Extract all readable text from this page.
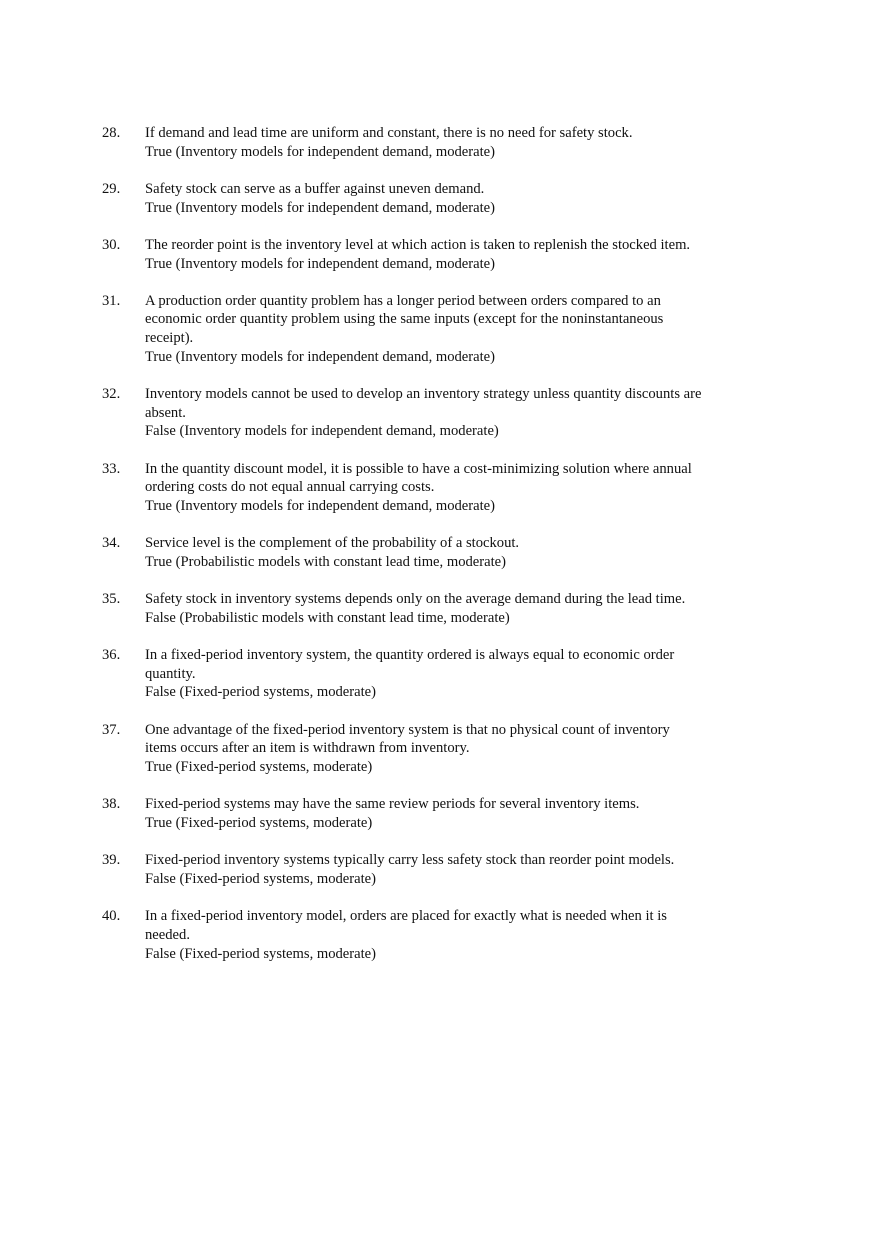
28. If demand and lead time are uniform and constant, there is no need for safety stock.
True (Inventory models for independent demand, moderate)
29. Safety stock can serve as a buffer against uneven demand.
True (Inventory models for independent demand, moderate)
30. The reorder point is the inventory level at which action is taken to replenish the stocked item.
True (Inventory models for independent demand, moderate)
31. A production order quantity problem has a longer period between orders compared to an economic order quantity problem using the same inputs (except for the noninstantaneous receipt).
True (Inventory models for independent demand, moderate)
32. Inventory models cannot be used to develop an inventory strategy unless quantity discounts are absent.
False (Inventory models for independent demand, moderate)
33. In the quantity discount model, it is possible to have a cost-minimizing solution where annual ordering costs do not equal annual carrying costs.
True (Inventory models for independent demand, moderate)
34. Service level is the complement of the probability of a stockout.
True (Probabilistic models with constant lead time, moderate)
35. Safety stock in inventory systems depends only on the average demand during the lead time.
False (Probabilistic models with constant lead time, moderate)
36. In a fixed-period inventory system, the quantity ordered is always equal to economic order quantity.
False (Fixed-period systems, moderate)
37. One advantage of the fixed-period inventory system is that no physical count of inventory items occurs after an item is withdrawn from inventory.
True (Fixed-period systems, moderate)
38. Fixed-period systems may have the same review periods for several inventory items.
True (Fixed-period systems, moderate)
39. Fixed-period inventory systems typically carry less safety stock than reorder point models.
False (Fixed-period systems, moderate)
40. In a fixed-period inventory model, orders are placed for exactly what is needed when it is needed.
False (Fixed-period systems, moderate)
